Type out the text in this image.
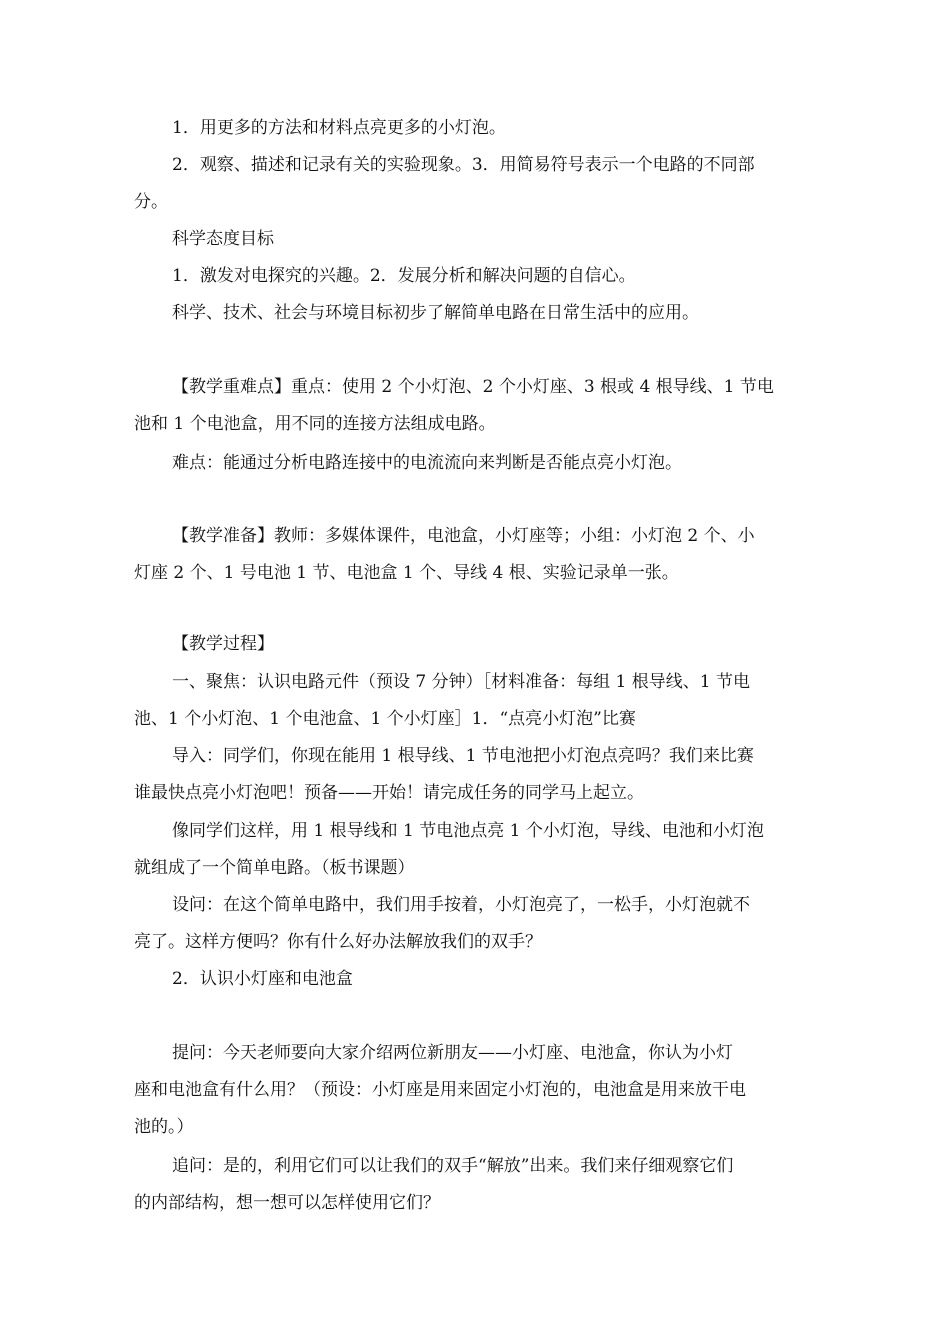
1．用更多的方法和材料点亮更多的小灯泡。

2．观察、描述和记录有关的实验现象。3．用简易符号表示一个电路的不同部

分。

科学态度目标

1．激发对电探究的兴趣。2．发展分析和解决问题的自信心。

科学、技术、社会与环境目标初步了解简单电路在日常生活中的应用。

【教学重难点】重点：使用 2 个小灯泡、2 个小灯座、3 根或 4 根导线、1 节电

池和 1 个电池盒，用不同的连接方法组成电路。

难点：能通过分析电路连接中的电流流向来判断是否能点亮小灯泡。

【教学准备】教师：多媒体课件，电池盒，小灯座等；小组：小灯泡 2 个、小

灯座 2 个、1 号电池 1 节、电池盒 1 个、导线 4 根、实验记录单一张。

【教学过程】

一、聚焦：认识电路元件（预设 7 分钟）［材料准备：每组 1 根导线、1 节电

池、1 个小灯泡、1 个电池盒、1 个小灯座］1．“点亮小灯泡”比赛

导入：同学们，你现在能用 1 根导线、1 节电池把小灯泡点亮吗？我们来比赛

谁最快点亮小灯泡吧！预备——开始！请完成任务的同学马上起立。

像同学们这样，用 1 根导线和 1 节电池点亮 1 个小灯泡，导线、电池和小灯泡

就组成了一个简单电路。（板书课题）

设问：在这个简单电路中，我们用手按着，小灯泡亮了，一松手，小灯泡就不

亮了。这样方便吗？你有什么好办法解放我们的双手？

2．认识小灯座和电池盒

提问：今天老师要向大家介绍两位新朋友——小灯座、电池盒，你认为小灯

座和电池盒有什么用？（预设：小灯座是用来固定小灯泡的，电池盒是用来放干电

池的。）

追问：是的，利用它们可以让我们的双手“解放”出来。我们来仔细观察它们

的内部结构，想一想可以怎样使用它们？
